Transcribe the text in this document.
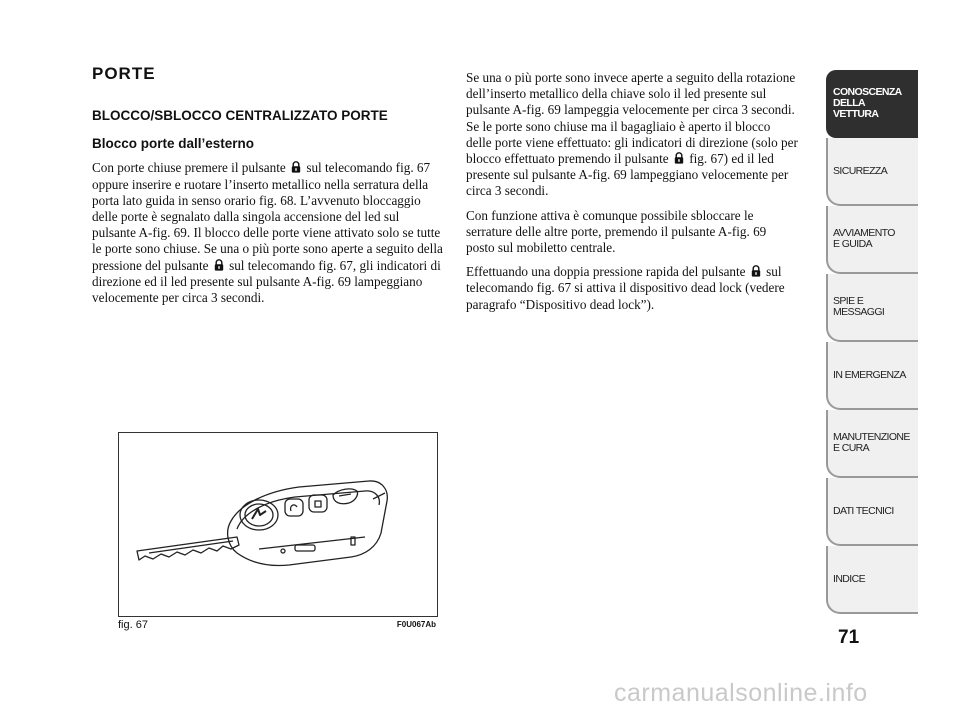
PORTE
BLOCCO/SBLOCCO CENTRALIZZATO PORTE
Blocco porte dall’esterno

Con porte chiuse premere il pulsante sul telecomando fig. 67 oppure inserire e ruotare l’inserto metallico nella serratura della porta lato guida in senso orario fig. 68. L’avvenuto bloccaggio delle porte è segnalato dalla singola accensione del led sul pulsante A-fig. 69. Il blocco delle porte viene attivato solo se tutte le porte sono chiuse. Se una o più porte sono aperte a seguito della pressione del pulsante sul telecomando fig. 67, gli indicatori di direzione ed il led presente sul pulsante A-fig. 69 lampeggiano velocemente per circa 3 secondi.

Se una o più porte sono invece aperte a seguito della rotazione dell’inserto metallico della chiave solo il led presente sul pulsante A-fig. 69 lampeggia velocemente per circa 3 secondi. Se le porte sono chiuse ma il bagagliaio è aperto il blocco delle porte viene effettuato: gli indicatori di direzione (solo per blocco effettuato premendo il pulsante fig. 67) ed il led presente sul pulsante A-fig. 69 lampeggiano velocemente per circa 3 secondi.

Con funzione attiva è comunque possibile sbloccare le serrature delle altre porte, premendo il pulsante A-fig. 69 posto sul mobiletto centrale.

Effettuando una doppia pressione rapida del pulsante sul telecomando fig. 67 si attiva il dispositivo dead lock (vedere paragrafo “Dispositivo dead lock”).

fig. 67	F0U067Ab
CONOSCENZA
DELLA
VETTURA
SICUREZZA
AVVIAMENTO
E GUIDA
SPIE E
MESSAGGI
IN EMERGENZA
MANUTENZIONE
E CURA
DATI TECNICI
INDICE
71
carmanualsonline.info
